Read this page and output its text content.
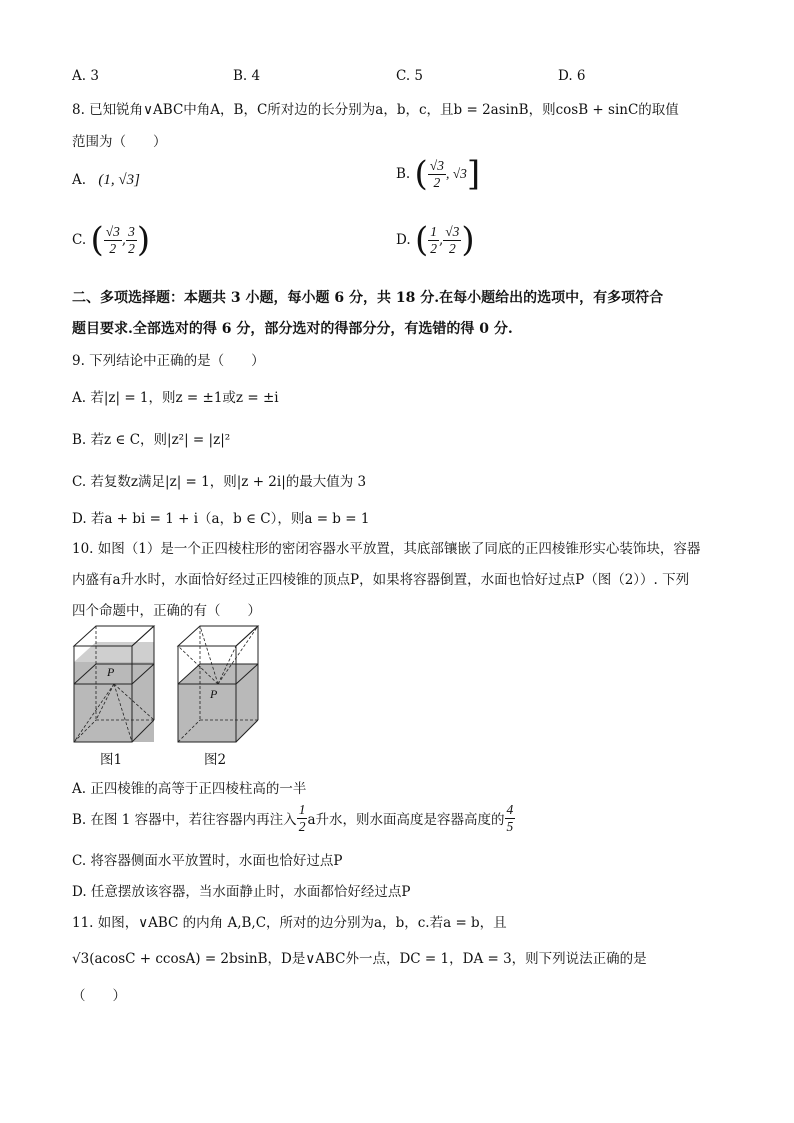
A. 3	B. 4	C. 5	D. 6
8. 已知锐角∨ABC中角A，B，C所对边的长分别为a，b，c，且b = 2asinB，则cosB + sinC的取值
范围为（　　）
A. (1, √3]	B. ( $\frac{√3}{2}$ , √3]
C. ( $\frac{√3}{2}$ , $\frac{3}{2}$ )	D. ( $\frac{1}{2}$ , $\frac{√3}{2}$ )
二、多项选择题：本题共 3 小题，每小题 6 分，共 18 分.在每小题给出的选项中，有多项符合
题目要求.全部选对的得 6 分，部分选对的得部分分，有选错的得 0 分.
9. 下列结论中正确的是（　　）
A. 若|z| = 1，则z = ±1或z = ±i
B. 若z ∈ C，则|z²| = |z|²
C. 若复数z满足|z| = 1，则|z + 2i|的最大值为 3
D. 若a + bi = 1 + i（a，b ∈ C），则a = b = 1
10. 如图（1）是一个正四棱柱形的密闭容器水平放置，其底部镶嵌了同底的正四棱锥形实心装饰块，容器
内盛有a升水时，水面恰好经过正四棱锥的顶点P，如果将容器倒置，水面也恰好过点P（图（2））. 下列
四个命题中，正确的有（　　）
P
图1
P
图2
A. 正四棱锥的高等于正四棱柱高的一半
B. 在图 1 容器中，若往容器内再注入 $\frac{1}{2}$ a升水，则水面高度是容器高度的 $\frac{4}{5}$
C. 将容器侧面水平放置时，水面也恰好过点P
D. 任意摆放该容器，当水面静止时，水面都恰好经过点P
11. 如图，∨ABC 的内角 A,B,C，所对的边分别为a，b，c.若a = b，且
√3(acosC + ccosA) = 2bsinB，D是∨ABC外一点，DC = 1，DA = 3，则下列说法正确的是
（　　）
